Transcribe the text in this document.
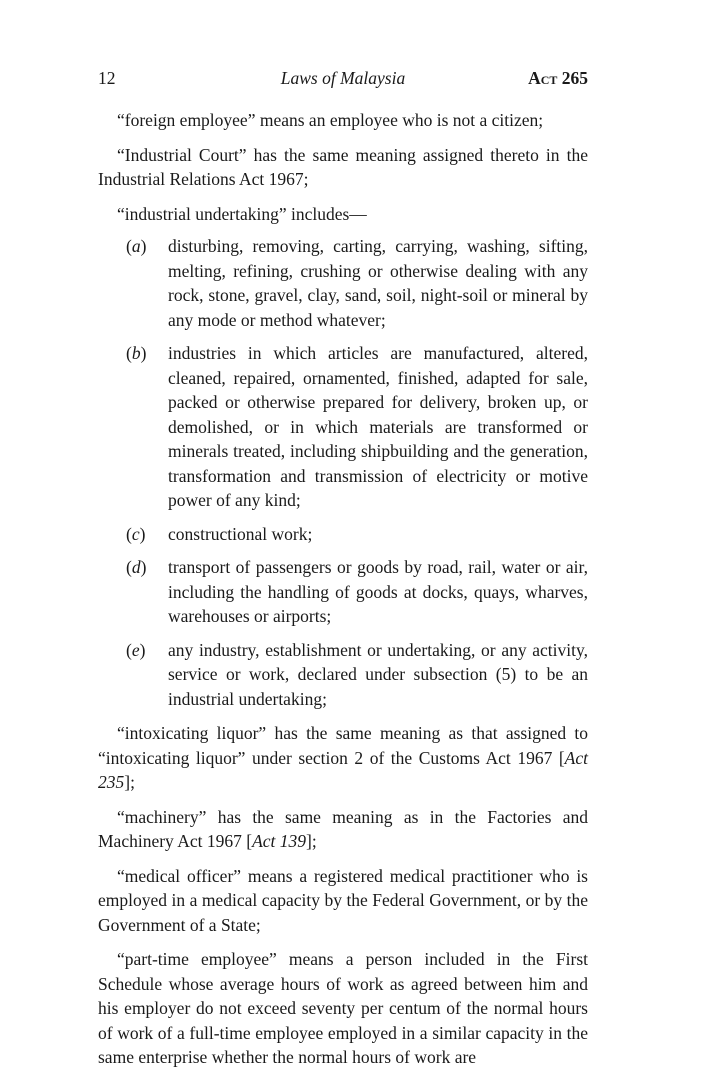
12	Laws of Malaysia	Act 265

“foreign employee” means an employee who is not a citizen;

“Industrial Court” has the same meaning assigned thereto in the Industrial Relations Act 1967;

“industrial undertaking” includes—

(a) disturbing, removing, carting, carrying, washing, sifting, melting, refining, crushing or otherwise dealing with any rock, stone, gravel, clay, sand, soil, night-soil or mineral by any mode or method whatever;
(b) industries in which articles are manufactured, altered, cleaned, repaired, ornamented, finished, adapted for sale, packed or otherwise prepared for delivery, broken up, or demolished, or in which materials are transformed or minerals treated, including shipbuilding and the generation, transformation and transmission of electricity or motive power of any kind;
(c) constructional work;
(d) transport of passengers or goods by road, rail, water or air, including the handling of goods at docks, quays, wharves, warehouses or airports;
(e) any industry, establishment or undertaking, or any activity, service or work, declared under subsection (5) to be an industrial undertaking;

“intoxicating liquor” has the same meaning as that assigned to “intoxicating liquor” under section 2 of the Customs Act 1967 [Act 235];

“machinery” has the same meaning as in the Factories and Machinery Act 1967 [Act 139];

“medical officer” means a registered medical practitioner who is employed in a medical capacity by the Federal Government, or by the Government of a State;

“part-time employee” means a person included in the First Schedule whose average hours of work as agreed between him and his employer do not exceed seventy per centum of the normal hours of work of a full-time employee employed in a similar capacity in the same enterprise whether the normal hours of work are
